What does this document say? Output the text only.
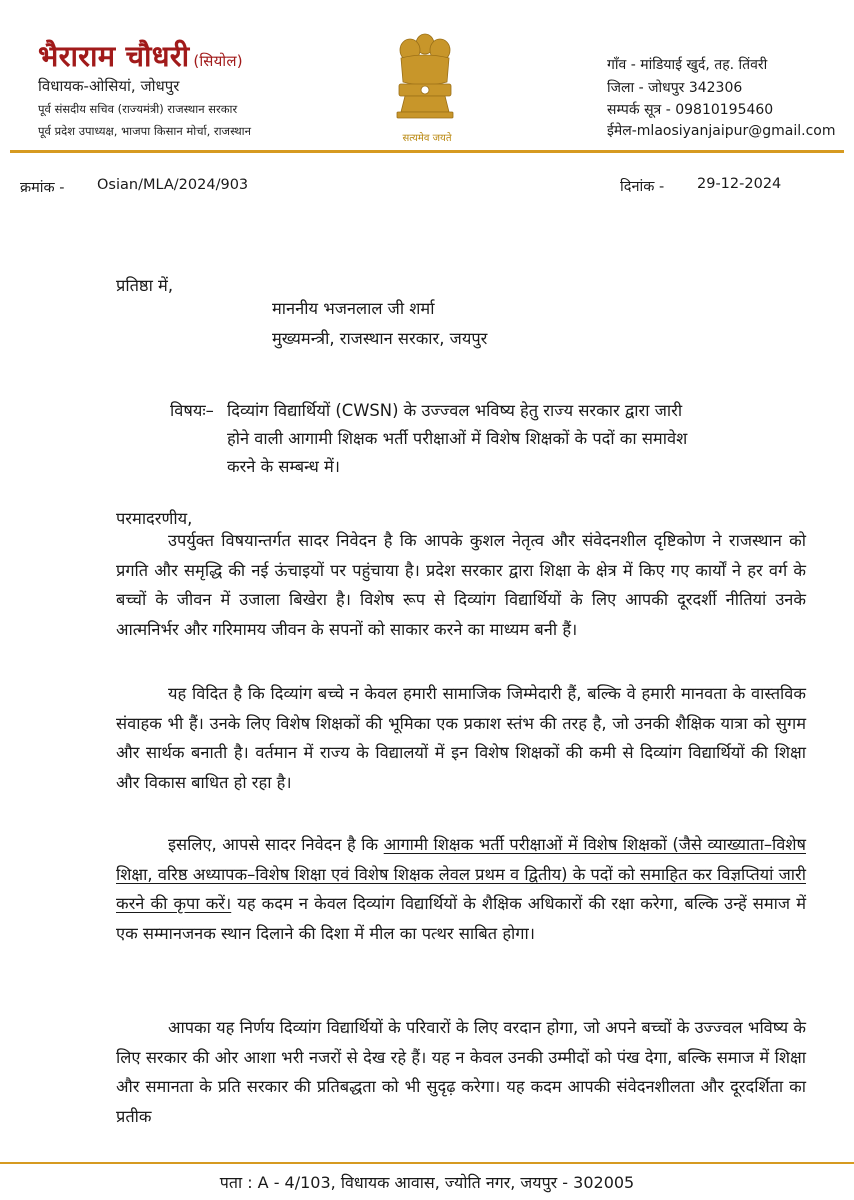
भैराराम चौधरी (सियोल)
विधायक-ओसियां, जोधपुर
पूर्व संसदीय सचिव (राज्यमंत्री) राजस्थान सरकार
पूर्व प्रदेश उपाध्यक्ष, भाजपा किसान मोर्चा, राजस्थान
सत्यमेव जयते
गाँव - मांडियाई खुर्द, तह. तिंवरी
जिला - जोधपुर 342306
सम्पर्क सूत्र - 09810195460
ईमेल-mlaosiyanjaipur@gmail.com
क्रमांक - Osian/MLA/2024/903	दिनांक - 29-12-2024
प्रतिष्ठा में,
माननीय भजनलाल जी शर्मा
मुख्यमन्त्री, राजस्थान सरकार, जयपुर
विषयः– दिव्यांग विद्यार्थियों (CWSN) के उज्ज्वल भविष्य हेतु राज्य सरकार द्वारा जारी
होने वाली आगामी शिक्षक भर्ती परीक्षाओं में विशेष शिक्षकों के पदों का समावेश
करने के सम्बन्ध में।
परमादरणीय,
उपर्युक्त विषयान्तर्गत सादर निवेदन है कि आपके कुशल नेतृत्व और संवेदनशील दृष्टिकोण ने राजस्थान को प्रगति और समृद्धि की नई ऊंचाइयों पर पहुंचाया है। प्रदेश सरकार द्वारा शिक्षा के क्षेत्र में किए गए कार्यों ने हर वर्ग के बच्चों के जीवन में उजाला बिखेरा है। विशेष रूप से दिव्यांग विद्यार्थियों के लिए आपकी दूरदर्शी नीतियां उनके आत्मनिर्भर और गरिमामय जीवन के सपनों को साकार करने का माध्यम बनी हैं।
यह विदित है कि दिव्यांग बच्चे न केवल हमारी सामाजिक जिम्मेदारी हैं, बल्कि वे हमारी मानवता के वास्तविक संवाहक भी हैं। उनके लिए विशेष शिक्षकों की भूमिका एक प्रकाश स्तंभ की तरह है, जो उनकी शैक्षिक यात्रा को सुगम और सार्थक बनाती है। वर्तमान में राज्य के विद्यालयों में इन विशेष शिक्षकों की कमी से दिव्यांग विद्यार्थियों की शिक्षा और विकास बाधित हो रहा है।
इसलिए, आपसे सादर निवेदन है कि आगामी शिक्षक भर्ती परीक्षाओं में विशेष शिक्षकों (जैसे व्याख्याता–विशेष शिक्षा, वरिष्ठ अध्यापक–विशेष शिक्षा एवं विशेष शिक्षक लेवल प्रथम व द्वितीय) के पदों को समाहित कर विज्ञप्तियां जारी करने की कृपा करें। यह कदम न केवल दिव्यांग विद्यार्थियों के शैक्षिक अधिकारों की रक्षा करेगा, बल्कि उन्हें समाज में एक सम्मानजनक स्थान दिलाने की दिशा में मील का पत्थर साबित होगा।
आपका यह निर्णय दिव्यांग विद्यार्थियों के परिवारों के लिए वरदान होगा, जो अपने बच्चों के उज्ज्वल भविष्य के लिए सरकार की ओर आशा भरी नजरों से देख रहे हैं। यह न केवल उनकी उम्मीदों को पंख देगा, बल्कि समाज में शिक्षा और समानता के प्रति सरकार की प्रतिबद्धता को भी सुदृढ़ करेगा। यह कदम आपकी संवेदनशीलता और दूरदर्शिता का प्रतीक
पता : A - 4/103, विधायक आवास, ज्योति नगर, जयपुर - 302005
